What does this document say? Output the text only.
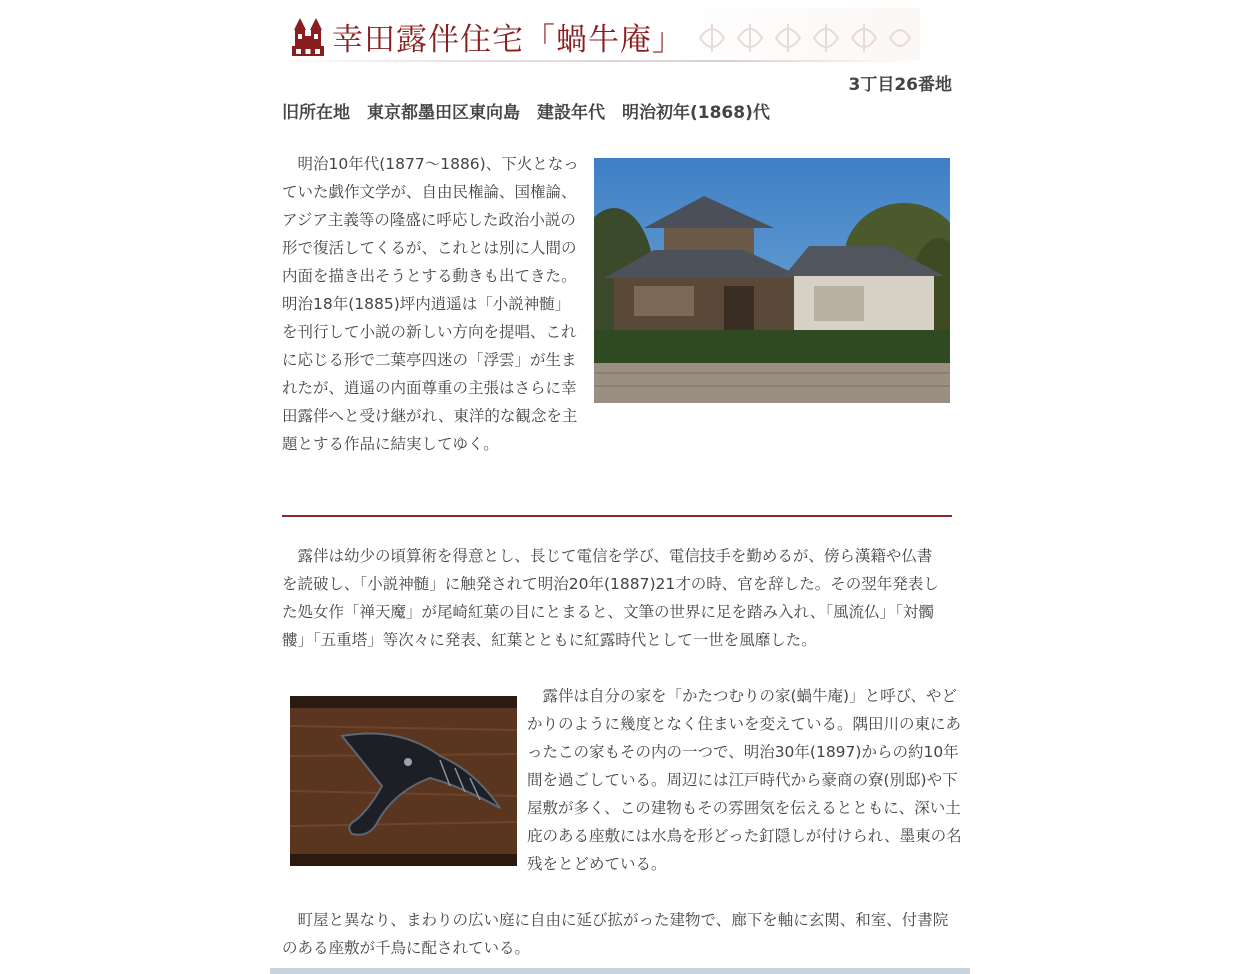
幸田露伴住宅「蝸牛庵」
3丁目26番地
旧所在地　東京都墨田区東向島　建設年代　明治初年(1868)代

　明治10年代(1877〜1886)、下火となっていた戯作文学が、自由民権論、国権論、アジア主義等の隆盛に呼応した政治小説の形で復活してくるが、これとは別に人間の内面を描き出そうとする動きも出てきた。明治18年(1885)坪内逍遥は「小説神髄」を刊行して小説の新しい方向を提唱、これに応じる形で二葉亭四迷の「浮雲」が生まれたが、逍遥の内面尊重の主張はさらに幸田露伴へと受け継がれ、東洋的な観念を主題とする作品に結実してゆく。

　露伴は幼少の頃算術を得意とし、長じて電信を学び、電信技手を勤めるが、傍ら漢籍や仏書を読破し、「小説神髄」に触発されて明治20年(1887)21才の時、官を辞した。その翌年発表した処女作「禅天魔」が尾崎紅葉の目にとまると、文筆の世界に足を踏み入れ、「風流仏」「対髑髏」「五重塔」等次々に発表、紅葉とともに紅露時代として一世を風靡した。

　露伴は自分の家を「かたつむりの家(蝸牛庵)」と呼び、やどかりのように幾度となく住まいを変えている。隅田川の東にあったこの家もその内の一つで、明治30年(1897)からの約10年間を過ごしている。周辺には江戸時代から豪商の寮(別邸)や下屋敷が多く、この建物もその雰囲気を伝えるとともに、深い土庇のある座敷には水鳥を形どった釘隠しが付けられ、墨東の名残をとどめている。

　町屋と異なり、まわりの広い庭に自由に延び拡がった建物で、廊下を軸に玄関、和室、付書院のある座敷が千鳥に配されている。
